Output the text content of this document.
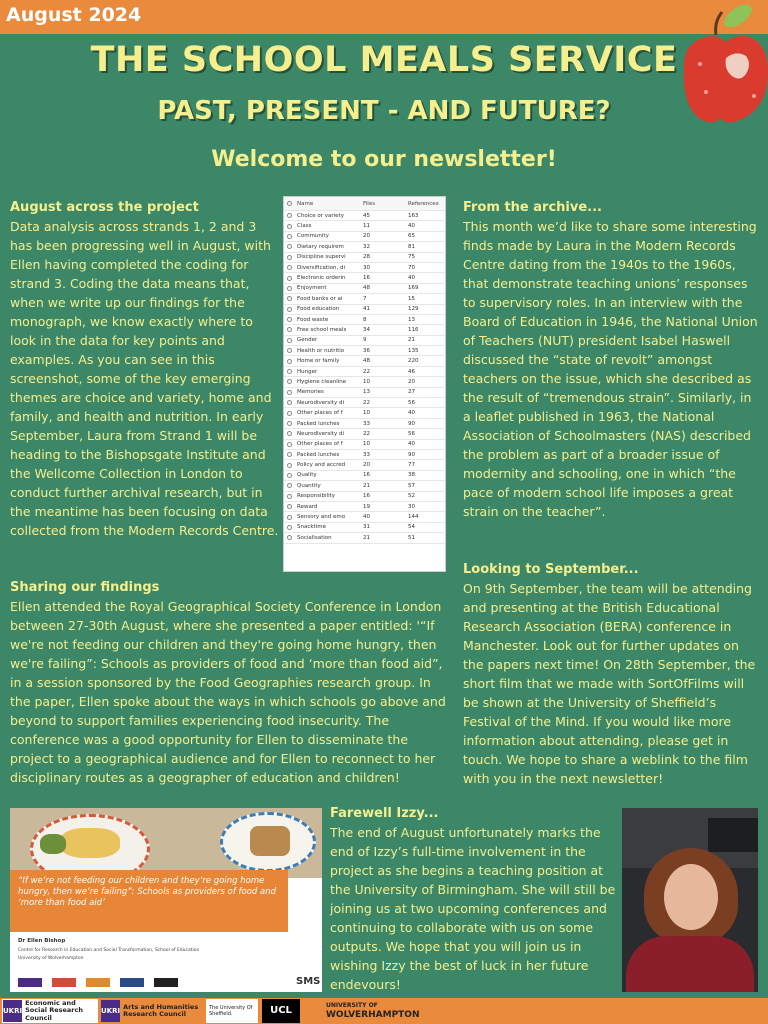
August 2024
THE SCHOOL MEALS SERVICE
PAST, PRESENT - AND FUTURE?
Welcome to our newsletter!
August across the project

Data analysis across strands 1, 2 and 3 has been progressing well in August, with Ellen having completed the coding for strand 3. Coding the data means that, when we write up our findings for the monograph, we know exactly where to look in the data for key points and examples. As you can see in this screenshot, some of the key emerging themes are choice and variety, home and family, and health and nutrition. In early September, Laura from Strand 1 will be heading to the Bishopsgate Institute and the Wellcome Collection in London to conduct further archival research, but in the meantime has been focusing on data collected from the Modern Records Centre.

Name	Files	References
Choice or variety	45	163
Class	11	40
Community	20	65
Dietary requirem	32	81
Discipline supervi	28	75
Diversification, di	30	70
Electronic orderin	16	40
Enjoyment	48	169
Food banks or ai	7	15
Food education	41	129
Food waste	8	13
Free school meals	34	116
Gender	9	21
Health or nutritio	36	135
Home or family	48	220
Hunger	22	46
Hygiene cleanline	10	20
Memories	13	27
Neurodiversity di	22	56
Other places of f	10	40
Packed lunches	33	90
Neurodiversity di	22	56
Other places of f	10	40
Packed lunches	33	90
Policy and accred	20	77
Quality	16	38
Quantity	21	57
Responsibility	16	52
Reward	19	30
Sensory and emo	40	144
Snacktime	31	54
Socialisation	21	51
From the archive...

This month we’d like to share some interesting finds made by Laura in the Modern Records Centre dating from the 1940s to the 1960s, that demonstrate teaching unions’ responses to supervisory roles. In an interview with the Board of Education in 1946, the National Union of Teachers (NUT) president Isabel Haswell discussed the “state of revolt” amongst teachers on the issue, which she described as the result of “tremendous strain”. Similarly, in a leaflet published in 1963, the National Association of Schoolmasters (NAS) described the problem as part of a broader issue of modernity and schooling, one in which “the pace of modern school life imposes a great strain on the teacher”.

Sharing our findings

Ellen attended the Royal Geographical Society Conference in London between 27-30th August, where she presented a paper entitled: '“If we're not feeding our children and they're going home hungry, then we're failing”: Schools as providers of food and ‘more than food aid”, in a session sponsored by the Food Geographies research group. In the paper, Ellen spoke about the ways in which schools go above and beyond to support families experiencing food insecurity. The conference was a good opportunity for Ellen to disseminate the project to a geographical audience and for Ellen to reconnect to her disciplinary routes as a geographer of education and children!

Looking to September...

On 9th September, the team will be attending and presenting at the British Educational Research Association (BERA) conference in Manchester. Look out for further updates on the papers next time! On 28th September, the short film that we made with SortOfFilms will be shown at the University of Sheffield’s Festival of the Mind. If you would like more information about attending, please get in touch. We hope to share a weblink to the film with you in the next newsletter!

“If we’re not feeding our children and they’re going home hungry, then we’re failing”: Schools as providers of food and ‘more than food aid’
Dr Ellen Bishop
Centre for Research in Education and Social Transformation, School of Education
University of Wolverhampton
SMS
Farewell Izzy...

The end of August unfortunately marks the end of Izzy’s full-time involvement in the project as she begins a teaching position at the University of Birmingham. She will still be joining us at two upcoming conferences and continuing to collaborate with us on some outputs. We hope that you will join us in wishing Izzy the best of luck in her future endevours!

UKRI
Economic and Social Research Council
UKRI
Arts and Humanities Research Council
The University Of Sheffield.	UCL	UNIVERSITY OF
WOLVERHAMPTON
